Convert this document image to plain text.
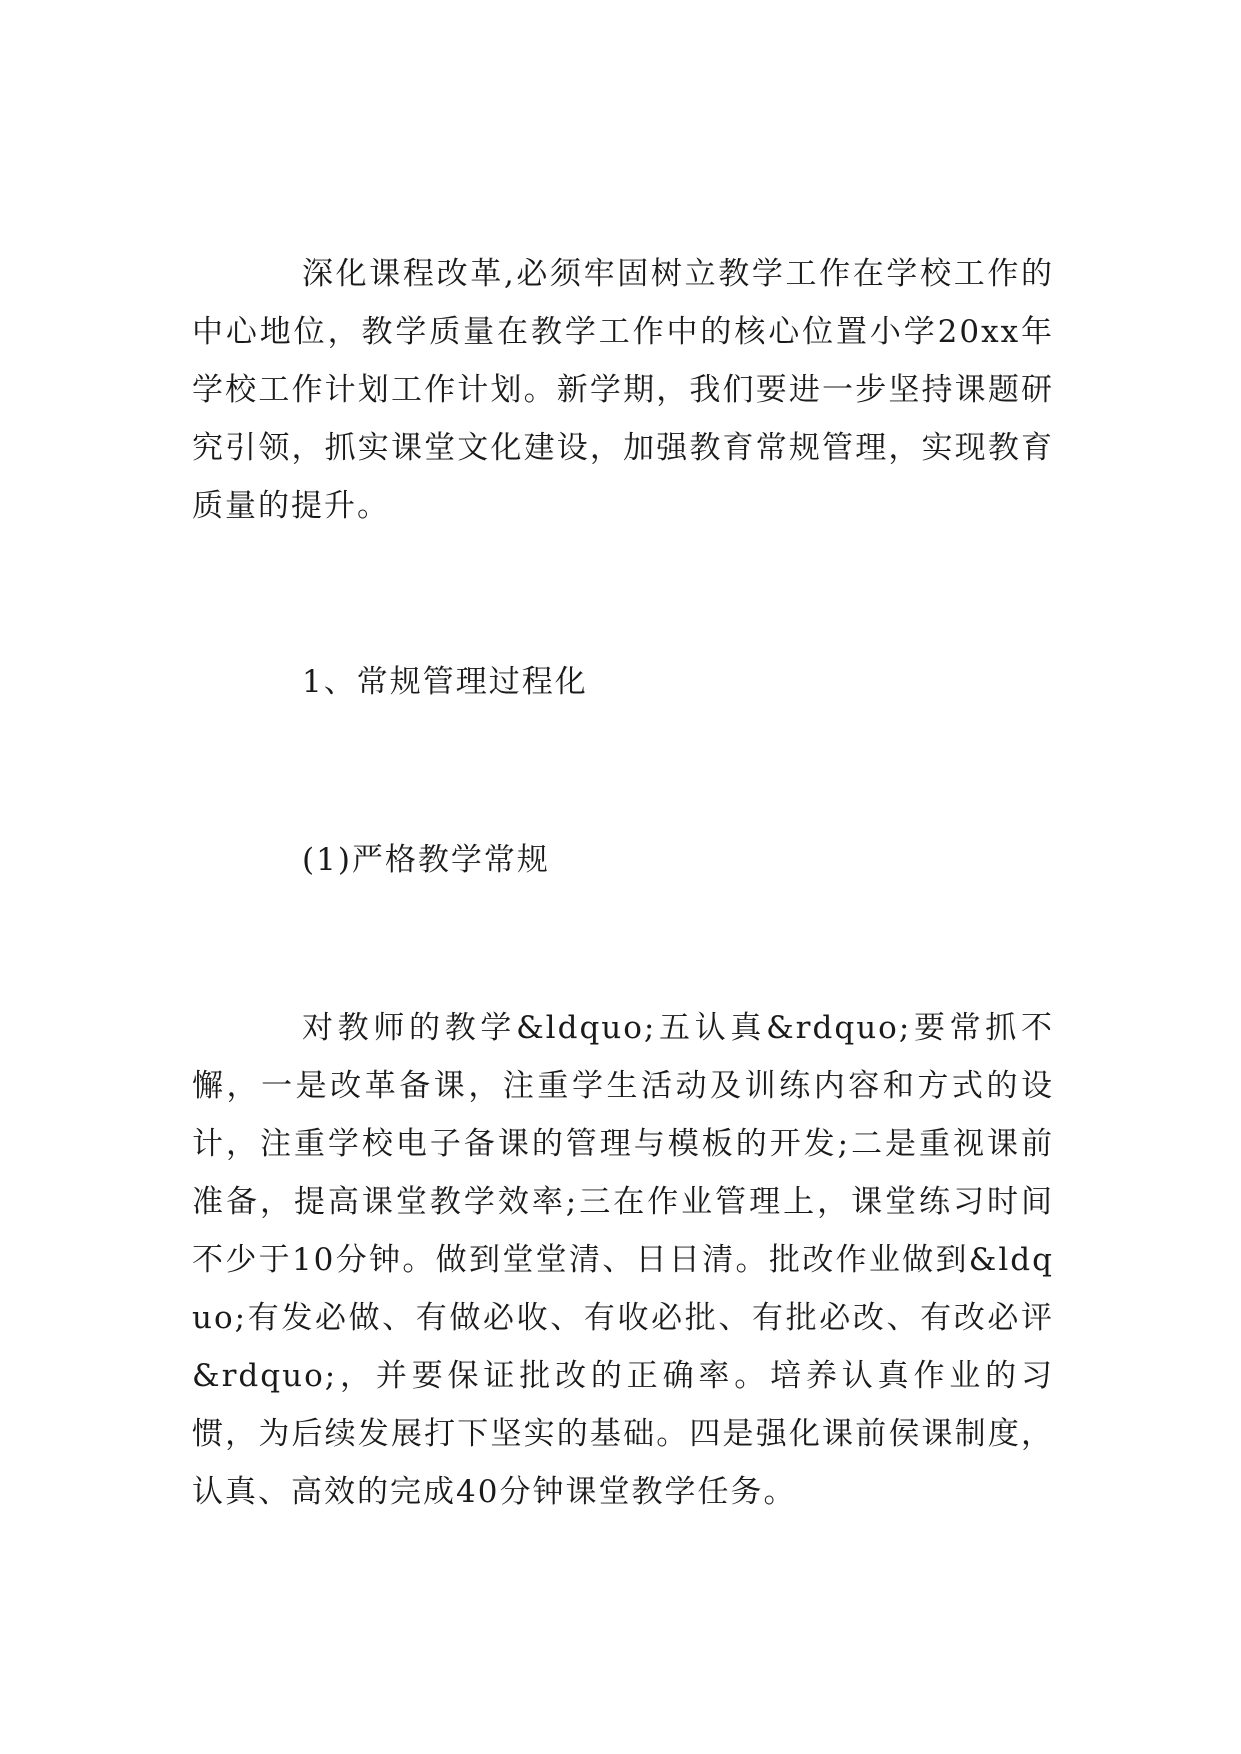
深化课程改革,必须牢固树立教学工作在学校工作的中心地位，教学质量在教学工作中的核心位置小学20xx年学校工作计划工作计划。新学期，我们要进一步坚持课题研究引领，抓实课堂文化建设，加强教育常规管理，实现教育质量的提升。

1、常规管理过程化

(1)严格教学常规

对教师的教学&ldquo;五认真&rdquo;要常抓不懈，一是改革备课，注重学生活动及训练内容和方式的设计，注重学校电子备课的管理与模板的开发;二是重视课前准备，提高课堂教学效率;三在作业管理上，课堂练习时间不少于10分钟。做到堂堂清、日日清。批改作业做到&ldquo;有发必做、有做必收、有收必批、有批必改、有改必评&rdquo;，并要保证批改的正确率。培养认真作业的习惯，为后续发展打下坚实的基础。四是强化课前侯课制度，认真、高效的完成40分钟课堂教学任务。
